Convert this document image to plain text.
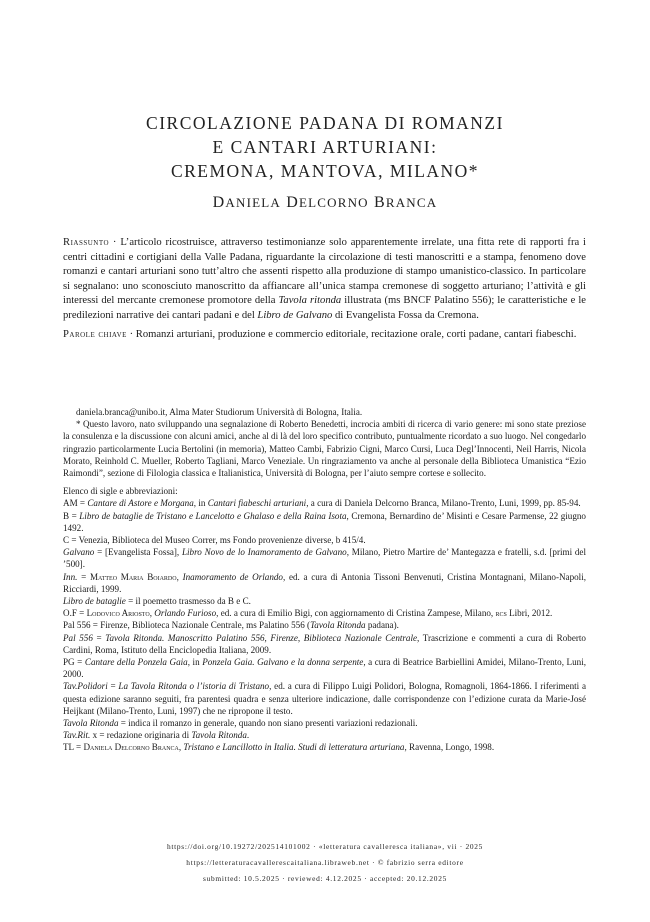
CIRCOLAZIONE PADANA DI ROMANZI
E CANTARI ARTURIANI:
CREMONA, MANTOVA, MILANO*
DANIELA DELCORNO BRANCA

Riassunto · L’articolo ricostruisce, attraverso testimonianze solo apparentemente irrelate, una fitta rete di rapporti fra i centri cittadini e cortigiani della Valle Padana, riguardante la circolazione di testi manoscritti e a stampa, fenomeno dove romanzi e cantari arturiani sono tutt’altro che assenti rispetto alla produzione di stampo umanistico-classico. In particolare si segnalano: uno sconosciuto manoscritto da affiancare all’unica stampa cremonese di soggetto arturiano; l’attività e gli interessi del mercante cremonese promotore della Tavola ritonda illustrata (ms BNCF Palatino 556); le caratteristiche e le predilezioni narrative dei cantari padani e del Libro de Galvano di Evangelista Fossa da Cremona.

Parole chiave · Romanzi arturiani, produzione e commercio editoriale, recitazione orale, corti padane, cantari fiabeschi.

daniela.branca@unibo.it, Alma Mater Studiorum Università di Bologna, Italia.

* Questo lavoro, nato sviluppando una segnalazione di Roberto Benedetti, incrocia ambiti di ricerca di vario genere: mi sono state preziose la consulenza e la discussione con alcuni amici, anche al di là del loro specifico contributo, puntualmente ricordato a suo luogo. Nel congedarlo ringrazio particolarmente Lucia Bertolini (in memoria), Matteo Cambi, Fabrizio Cigni, Marco Cursi, Luca Degl’Innocenti, Neil Harris, Nicola Morato, Reinhold C. Mueller, Roberto Tagliani, Marco Veneziale. Un ringraziamento va anche al personale della Biblioteca Umanistica “Ezio Raimondi”, sezione di Filologia classica e Italianistica, Università di Bologna, per l’aiuto sempre cortese e sollecito.

Elenco di sigle e abbreviazioni:

AM = Cantare di Astore e Morgana, in Cantari fiabeschi arturiani, a cura di Daniela Delcorno Branca, Milano-Trento, Luni, 1999, pp. 85-94.

B = Libro de bataglie de Tristano e Lancelotto e Ghalaso e della Raina Isota, Cremona, Bernardino de’ Misinti e Cesare Parmense, 22 giugno 1492.

C = Venezia, Biblioteca del Museo Correr, ms Fondo provenienze diverse, b 415/4.

Galvano = [Evangelista Fossa], Libro Novo de lo Inamoramento de Galvano, Milano, Pietro Martire de’ Mantegazza e fratelli, s.d. [primi del ’500].

Inn. = Matteo Maria Boiardo, Inamoramento de Orlando, ed. a cura di Antonia Tissoni Benvenuti, Cristina Montagnani, Milano-Napoli, Ricciardi, 1999.

Libro de bataglie = il poemetto trasmesso da B e C.

O.F = Lodovico Ariosto, Orlando Furioso, ed. a cura di Emilio Bigi, con aggiornamento di Cristina Zampese, Milano, rcs Libri, 2012.

Pal 556 = Firenze, Biblioteca Nazionale Centrale, ms Palatino 556 (Tavola Ritonda padana).

Pal 556 = Tavola Ritonda. Manoscritto Palatino 556, Firenze, Biblioteca Nazionale Centrale, Trascrizione e commenti a cura di Roberto Cardini, Roma, Istituto della Enciclopedia Italiana, 2009.

PG = Cantare della Ponzela Gaia, in Ponzela Gaia. Galvano e la donna serpente, a cura di Beatrice Barbiellini Amidei, Milano-Trento, Luni, 2000.

Tav.Polidori = La Tavola Ritonda o l’istoria di Tristano, ed. a cura di Filippo Luigi Polidori, Bologna, Romagnoli, 1864-1866. I riferimenti a questa edizione saranno seguiti, fra parentesi quadra e senza ulteriore indicazione, dalle corrispondenze con l’edizione curata da Marie-José Heijkant (Milano-Trento, Luni, 1997) che ne ripropone il testo.

Tavola Ritonda = indica il romanzo in generale, quando non siano presenti variazioni redazionali.

Tav.Rit. x = redazione originaria di Tavola Ritonda.

TL = Daniela Delcorno Branca, Tristano e Lancillotto in Italia. Studi di letteratura arturiana, Ravenna, Longo, 1998.

https://doi.org/10.19272/202514101002 · «letteratura cavalleresca italiana», vii · 2025
https://letteraturacavallerescaitaliana.libraweb.net · © fabrizio serra editore
submitted: 10.5.2025 · reviewed: 4.12.2025 · accepted: 20.12.2025
